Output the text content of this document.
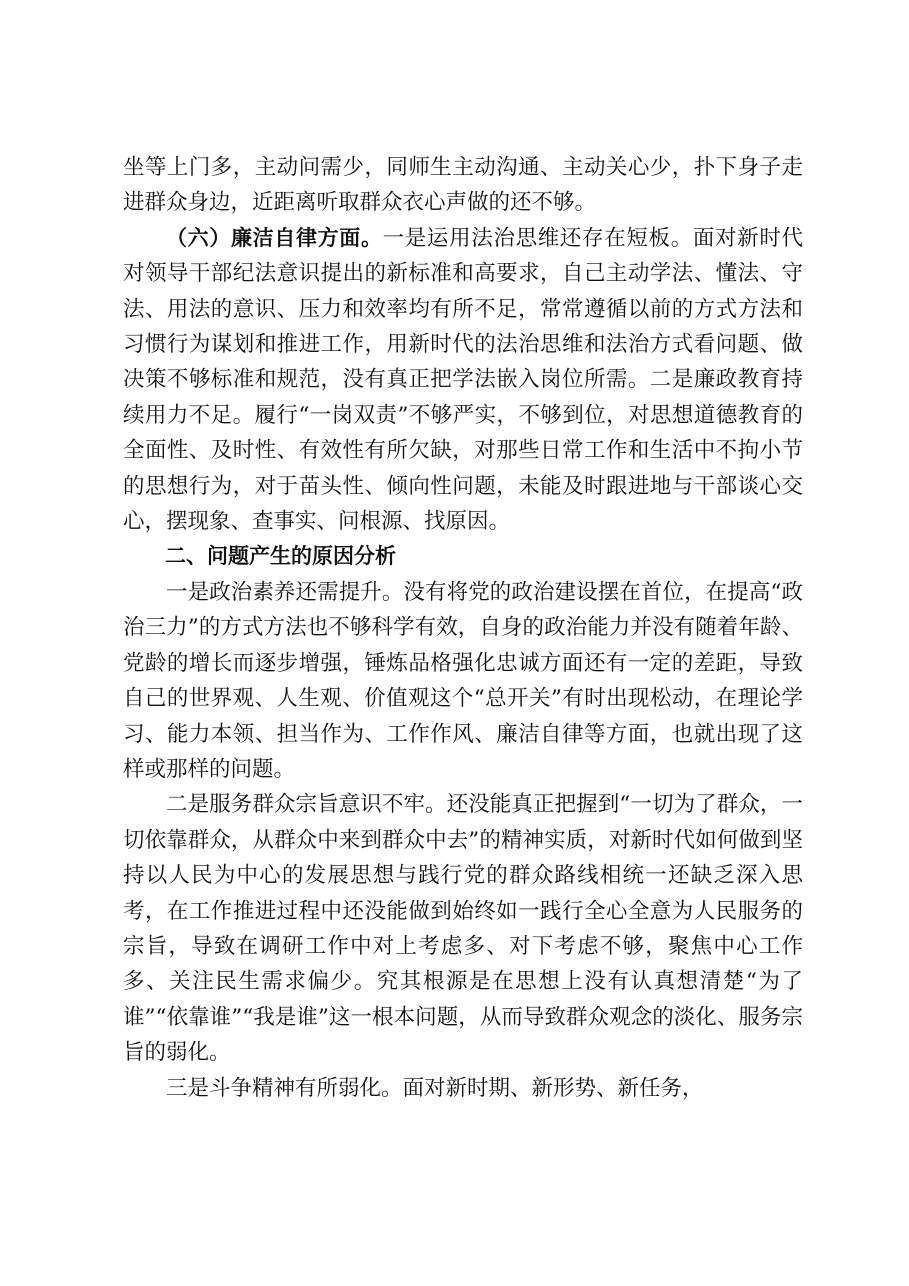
坐等上门多，主动问需少，同师生主动沟通、主动关心少，扑下身子走进群众身边，近距离听取群众衣心声做的还不够。

（六）廉洁自律方面。一是运用法治思维还存在短板。面对新时代对领导干部纪法意识提出的新标准和高要求，自己主动学法、懂法、守法、用法的意识、压力和效率均有所不足，常常遵循以前的方式方法和习惯行为谋划和推进工作，用新时代的法治思维和法治方式看问题、做决策不够标准和规范，没有真正把学法嵌入岗位所需。二是廉政教育持续用力不足。履行“一岗双责”不够严实，不够到位，对思想道德教育的全面性、及时性、有效性有所欠缺，对那些日常工作和生活中不拘小节的思想行为，对于苗头性、倾向性问题，未能及时跟进地与干部谈心交心，摆现象、查事实、问根源、找原因。

二、问题产生的原因分析

一是政治素养还需提升。没有将党的政治建设摆在首位，在提高“政治三力”的方式方法也不够科学有效，自身的政治能力并没有随着年龄、党龄的增长而逐步增强，锤炼品格强化忠诚方面还有一定的差距，导致自己的世界观、人生观、价值观这个“总开关”有时出现松动，在理论学习、能力本领、担当作为、工作作风、廉洁自律等方面，也就出现了这样或那样的问题。

二是服务群众宗旨意识不牢。还没能真正把握到“一切为了群众，一切依靠群众，从群众中来到群众中去”的精神实质，对新时代如何做到坚持以人民为中心的发展思想与践行党的群众路线相统一还缺乏深入思考，在工作推进过程中还没能做到始终如一践行全心全意为人民服务的宗旨，导致在调研工作中对上考虑多、对下考虑不够，聚焦中心工作多、关注民生需求偏少。究其根源是在思想上没有认真想清楚“为了谁”“依靠谁”“我是谁”这一根本问题，从而导致群众观念的淡化、服务宗旨的弱化。

三是斗争精神有所弱化。面对新时期、新形势、新任务，
